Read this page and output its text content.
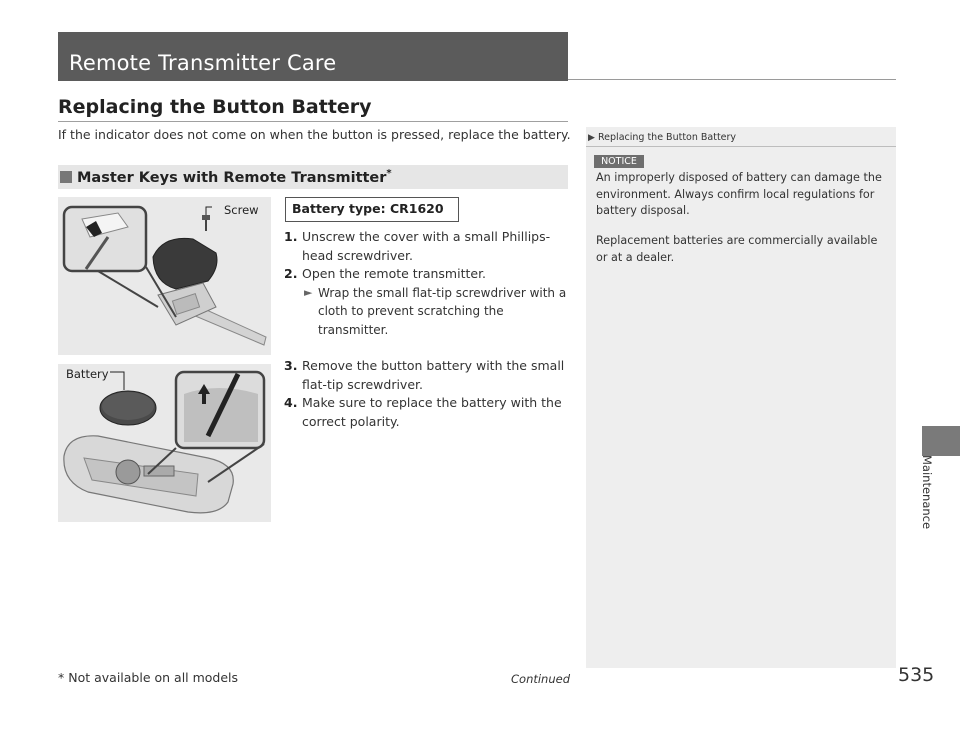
Remote Transmitter Care
Replacing the Button Battery
If the indicator does not come on when the button is pressed, replace the battery.
Master Keys with Remote Transmitter*
Screw
Battery
Battery type: CR1620
1. Unscrew the cover with a small Phillips-head screwdriver.
2. Open the remote transmitter.
► Wrap the small flat-tip screwdriver with a cloth to prevent scratching the transmitter.
3. Remove the button battery with the small flat-tip screwdriver.
4. Make sure to replace the battery with the correct polarity.
▶ Replacing the Button Battery
NOTICE
An improperly disposed of battery can damage the environment. Always confirm local regulations for battery disposal.
Replacement batteries are commercially available or at a dealer.
Maintenance
* Not available on all models	Continued	535
